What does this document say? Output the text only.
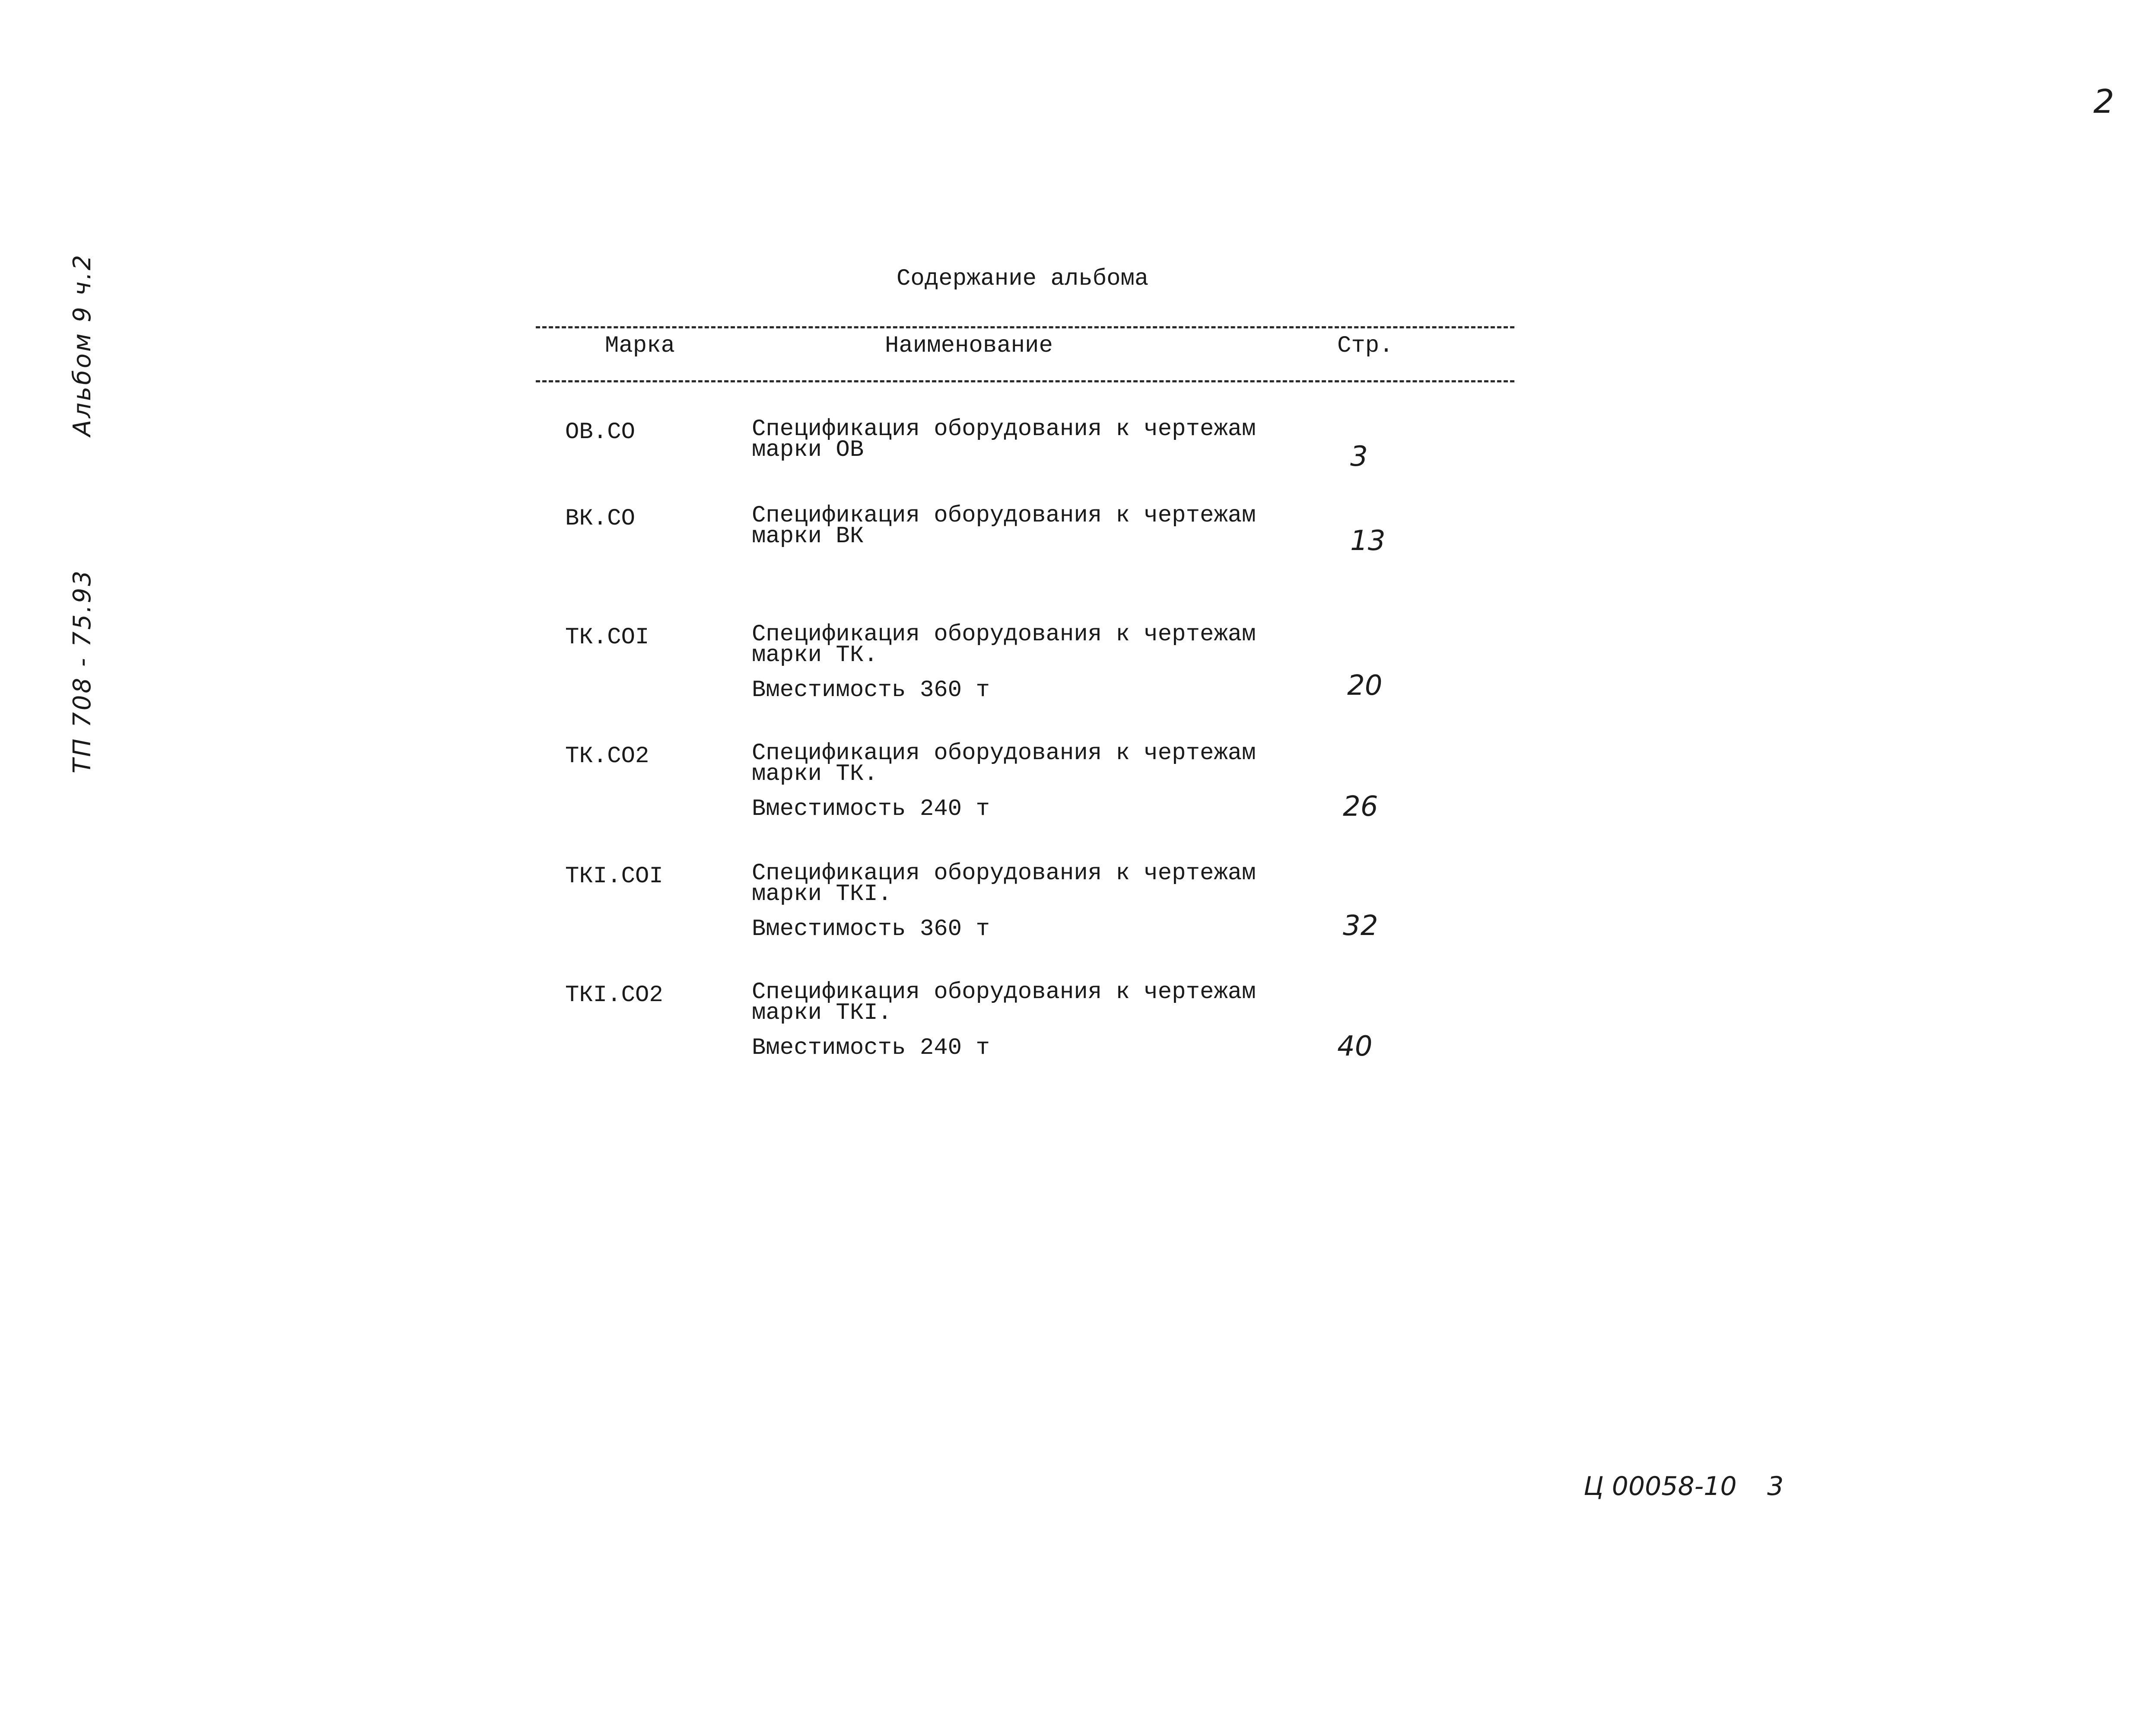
2
Альбом 9 ч.2
ТП 708 - 75.93
Содержание альбома
Марка	Наименование	Стр.
ОВ.СО	Спецификация оборудования к чертежам
марки ОВ	3
ВК.СО	Спецификация оборудования к чертежам
марки ВК	13
ТК.СОI	Спецификация оборудования к чертежам
марки ТК.
Вместимость 360 т	20
ТК.СО2	Спецификация оборудования к чертежам
марки ТК.
Вместимость 240 т	26
ТКI.СОI	Спецификация оборудования к чертежам
марки ТКI.
Вместимость 360 т	32
ТКI.СО2	Спецификация оборудования к чертежам
марки ТКI.
Вместимость 240 т	40
Ц 00058-10 3
